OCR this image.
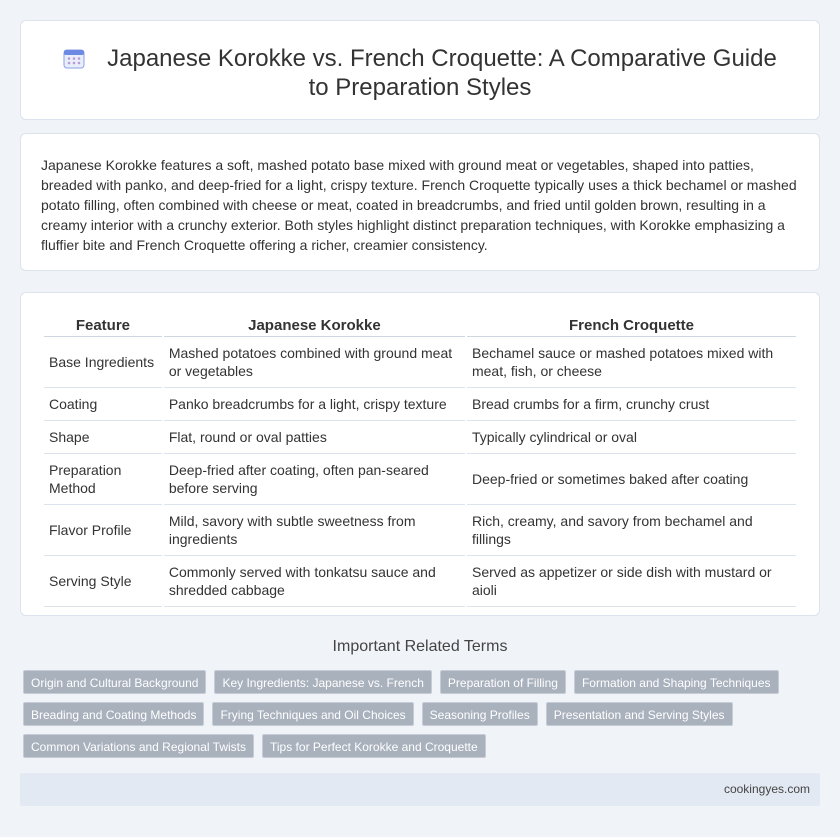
Japanese Korokke vs. French Croquette: A Comparative Guide to Preparation Styles

Japanese Korokke features a soft, mashed potato base mixed with ground meat or vegetables, shaped into patties, breaded with panko, and deep-fried for a light, crispy texture. French Croquette typically uses a thick bechamel or mashed potato filling, often combined with cheese or meat, coated in breadcrumbs, and fried until golden brown, resulting in a creamy interior with a crunchy exterior. Both styles highlight distinct preparation techniques, with Korokke emphasizing a fluffier bite and French Croquette offering a richer, creamier consistency.

Feature	Japanese Korokke	French Croquette
Base Ingredients	Mashed potatoes combined with ground meat or vegetables	Bechamel sauce or mashed potatoes mixed with meat, fish, or cheese
Coating	Panko breadcrumbs for a light, crispy texture	Bread crumbs for a firm, crunchy crust
Shape	Flat, round or oval patties	Typically cylindrical or oval
Preparation Method	Deep-fried after coating, often pan-seared before serving	Deep-fried or sometimes baked after coating
Flavor Profile	Mild, savory with subtle sweetness from ingredients	Rich, creamy, and savory from bechamel and fillings
Serving Style	Commonly served with tonkatsu sauce and shredded cabbage	Served as appetizer or side dish with mustard or aioli
Important Related Terms
Origin and Cultural Background	Key Ingredients: Japanese vs. French	Preparation of Filling	Formation and Shaping Techniques
Breading and Coating Methods	Frying Techniques and Oil Choices	Seasoning Profiles	Presentation and Serving Styles
Common Variations and Regional Twists	Tips for Perfect Korokke and Croquette
cookingyes.com
